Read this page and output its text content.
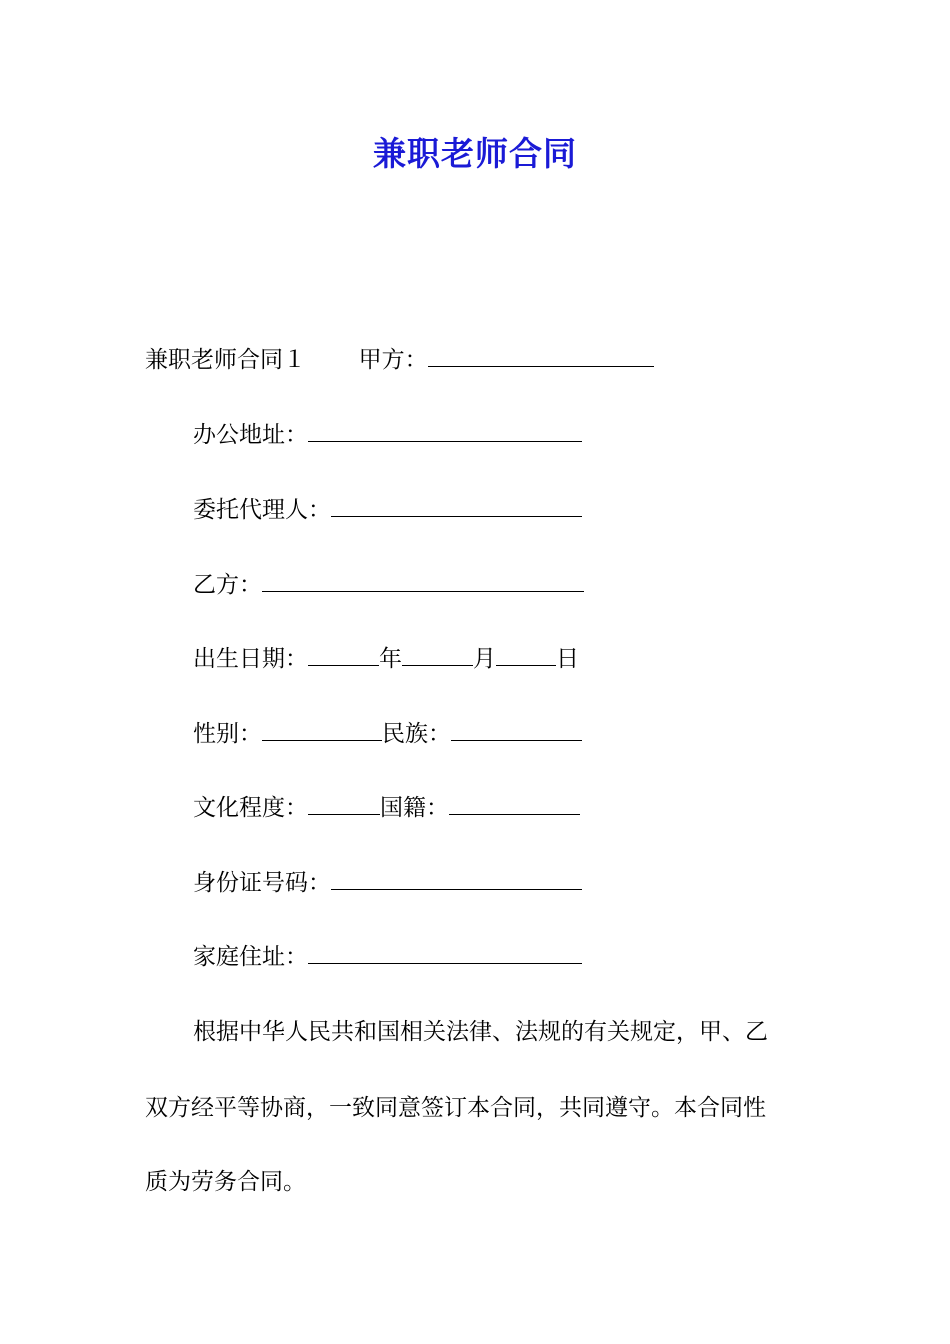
兼职老师合同
兼职老师合同１ 甲方：
办公地址：
委托代理人：
乙方：
出生日期：	年	月	日
性别：	民族：
文化程度：	国籍：
身份证号码：
家庭住址：
根据中华人民共和国相关法律、法规的有关规定，甲、乙
双方经平等协商，一致同意签订本合同，共同遵守。本合同性
质为劳务合同。
